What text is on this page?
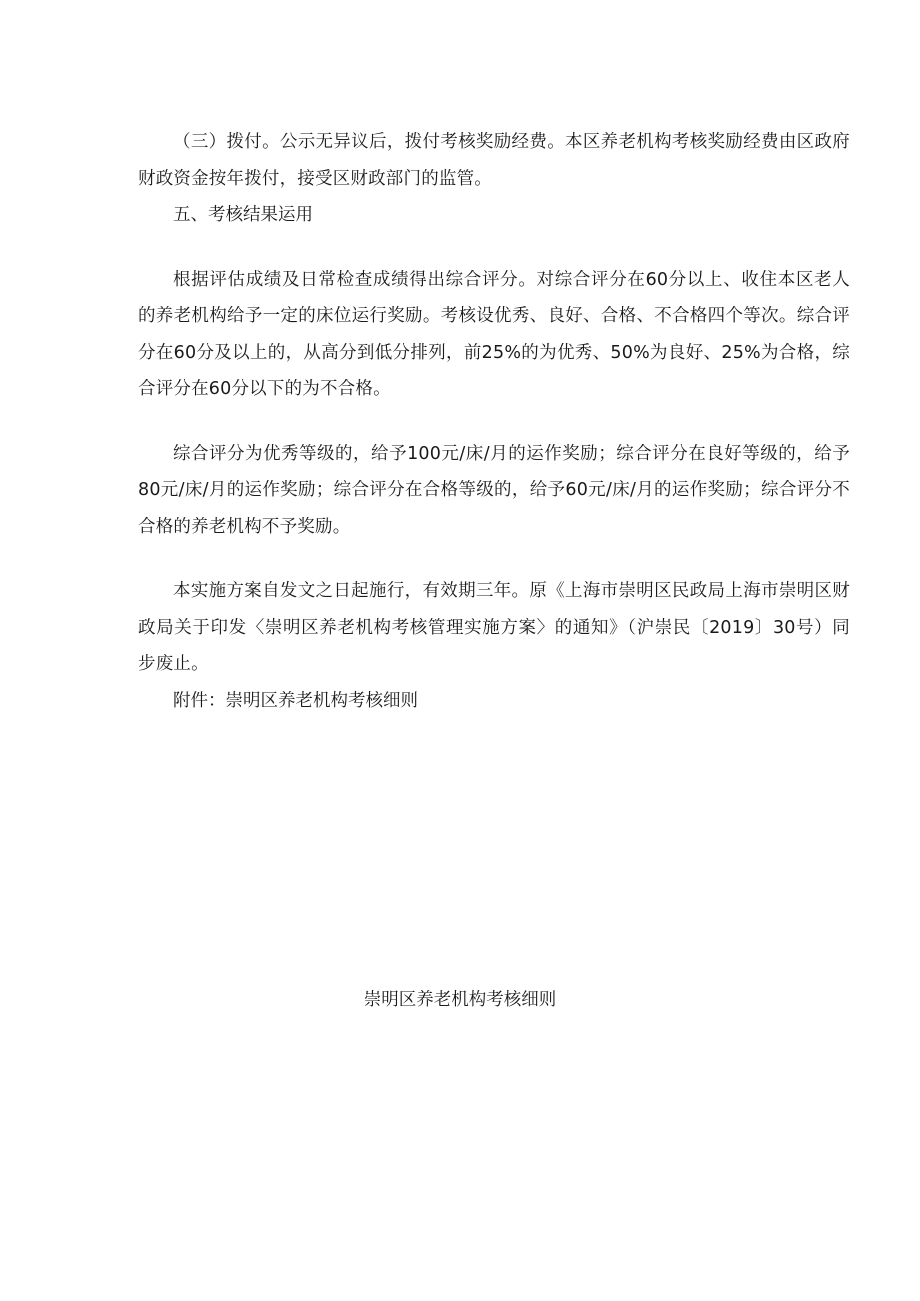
（三）拨付。公示无异议后，拨付考核奖励经费。本区养老机构考核奖励经费由区政府财政资金按年拨付，接受区财政部门的监管。

五、考核结果运用

根据评估成绩及日常检查成绩得出综合评分。对综合评分在60分以上、收住本区老人的养老机构给予一定的床位运行奖励。考核设优秀、良好、合格、不合格四个等次。综合评分在60分及以上的，从高分到低分排列，前25%的为优秀、50%为良好、25%为合格，综合评分在60分以下的为不合格。

综合评分为优秀等级的，给予100元/床/月的运作奖励；综合评分在良好等级的，给予80元/床/月的运作奖励；综合评分在合格等级的，给予60元/床/月的运作奖励；综合评分不合格的养老机构不予奖励。

本实施方案自发文之日起施行，有效期三年。原《上海市崇明区民政局上海市崇明区财政局关于印发〈崇明区养老机构考核管理实施方案〉的通知》（沪崇民〔2019〕30号）同步废止。

附件：崇明区养老机构考核细则

崇明区养老机构考核细则
